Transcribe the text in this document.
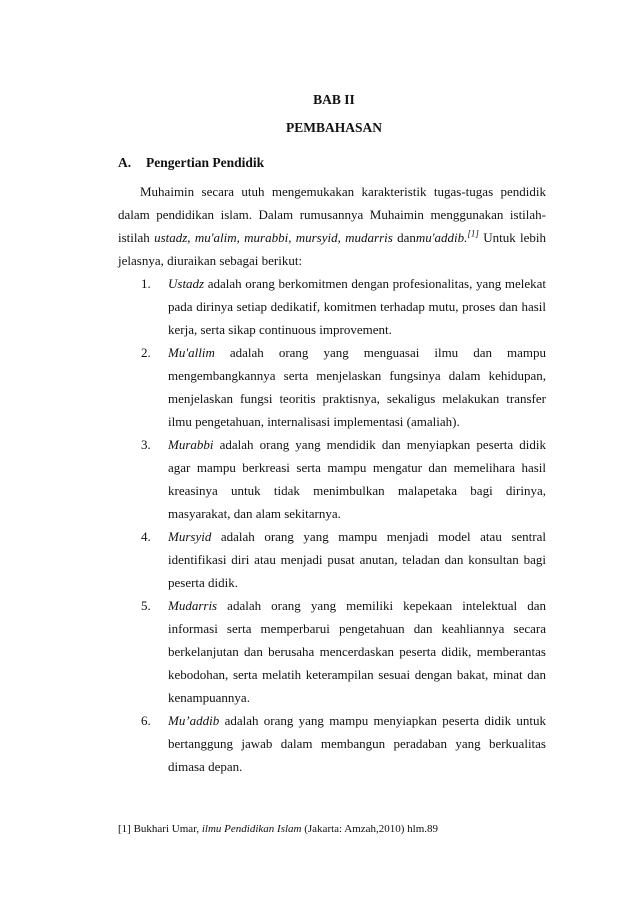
BAB II
PEMBAHASAN
A. Pengertian Pendidik

Muhaimin secara utuh mengemukakan karakteristik tugas-tugas pendidik dalam pendidikan islam. Dalam rumusannya Muhaimin menggunakan istilah-istilah ustadz, mu'alim, murabbi, mursyid, mudarris danmu'addib.[1] Untuk lebih jelasnya, diuraikan sebagai berikut:

1. Ustadz adalah orang berkomitmen dengan profesionalitas, yang melekat pada dirinya setiap dedikatif, komitmen terhadap mutu, proses dan hasil kerja, serta sikap continuous improvement.
2. Mu'allim adalah orang yang menguasai ilmu dan mampu mengembangkannya serta menjelaskan fungsinya dalam kehidupan, menjelaskan fungsi teoritis praktisnya, sekaligus melakukan transfer ilmu pengetahuan, internalisasi implementasi (amaliah).
3. Murabbi adalah orang yang mendidik dan menyiapkan peserta didik agar mampu berkreasi serta mampu mengatur dan memelihara hasil kreasinya untuk tidak menimbulkan malapetaka bagi dirinya, masyarakat, dan alam sekitarnya.
4. Mursyid adalah orang yang mampu menjadi model atau sentral identifikasi diri atau menjadi pusat anutan, teladan dan konsultan bagi peserta didik.
5. Mudarris adalah orang yang memiliki kepekaan intelektual dan informasi serta memperbarui pengetahuan dan keahliannya secara berkelanjutan dan berusaha mencerdaskan peserta didik, memberantas kebodohan, serta melatih keterampilan sesuai dengan bakat, minat dan kenampuannya.
6. Mu’addib adalah orang yang mampu menyiapkan peserta didik untuk bertanggung jawab dalam membangun peradaban yang berkualitas dimasa depan.
[1] Bukhari Umar, ilmu Pendidikan Islam (Jakarta: Amzah,2010) hlm.89
